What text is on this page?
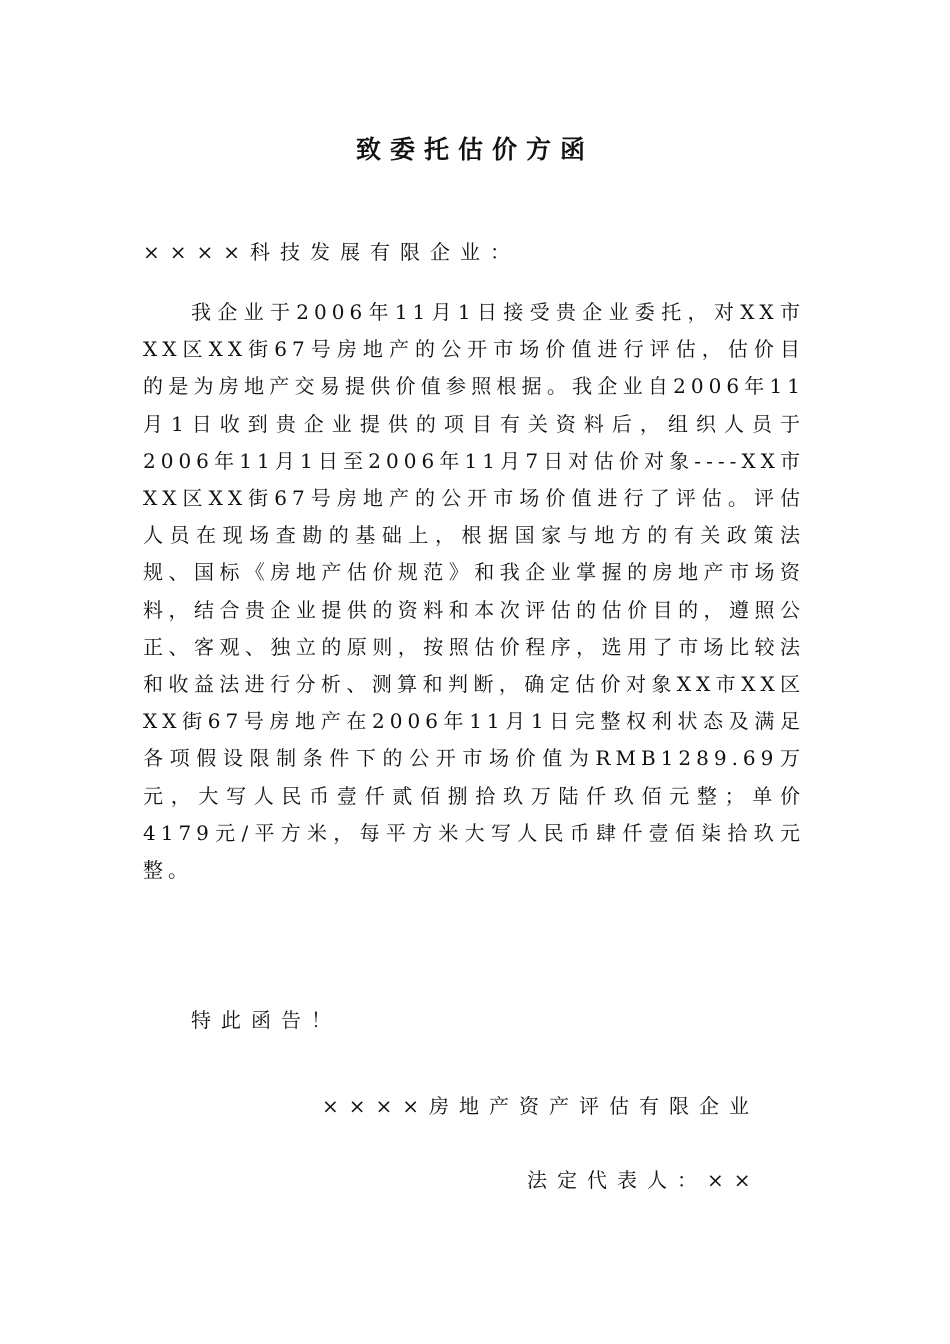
致委托估价方函
××××科技发展有限企业：

我企业于2006年11月1日接受贵企业委托，对XX市XX区XX街67号房地产的公开市场价值进行评估，估价目的是为房地产交易提供价值参照根据。我企业自2006年11月1日收到贵企业提供的项目有关资料后，组织人员于2006年11月1日至2006年11月7日对估价对象----XX市XX区XX街67号房地产的公开市场价值进行了评估。评估人员在现场查勘的基础上，根据国家与地方的有关政策法规、国标《房地产估价规范》和我企业掌握的房地产市场资料，结合贵企业提供的资料和本次评估的估价目的，遵照公正、客观、独立的原则，按照估价程序，选用了市场比较法和收益法进行分析、测算和判断，确定估价对象XX市XX区XX街67号房地产在2006年11月1日完整权利状态及满足各项假设限制条件下的公开市场价值为RMB1289.69万元，大写人民币壹仟贰佰捌拾玖万陆仟玖佰元整；单价4179元/平方米，每平方米大写人民币肆仟壹佰柒拾玖元整。

特此函告！
××××房地产资产评估有限企业
法定代表人：××
